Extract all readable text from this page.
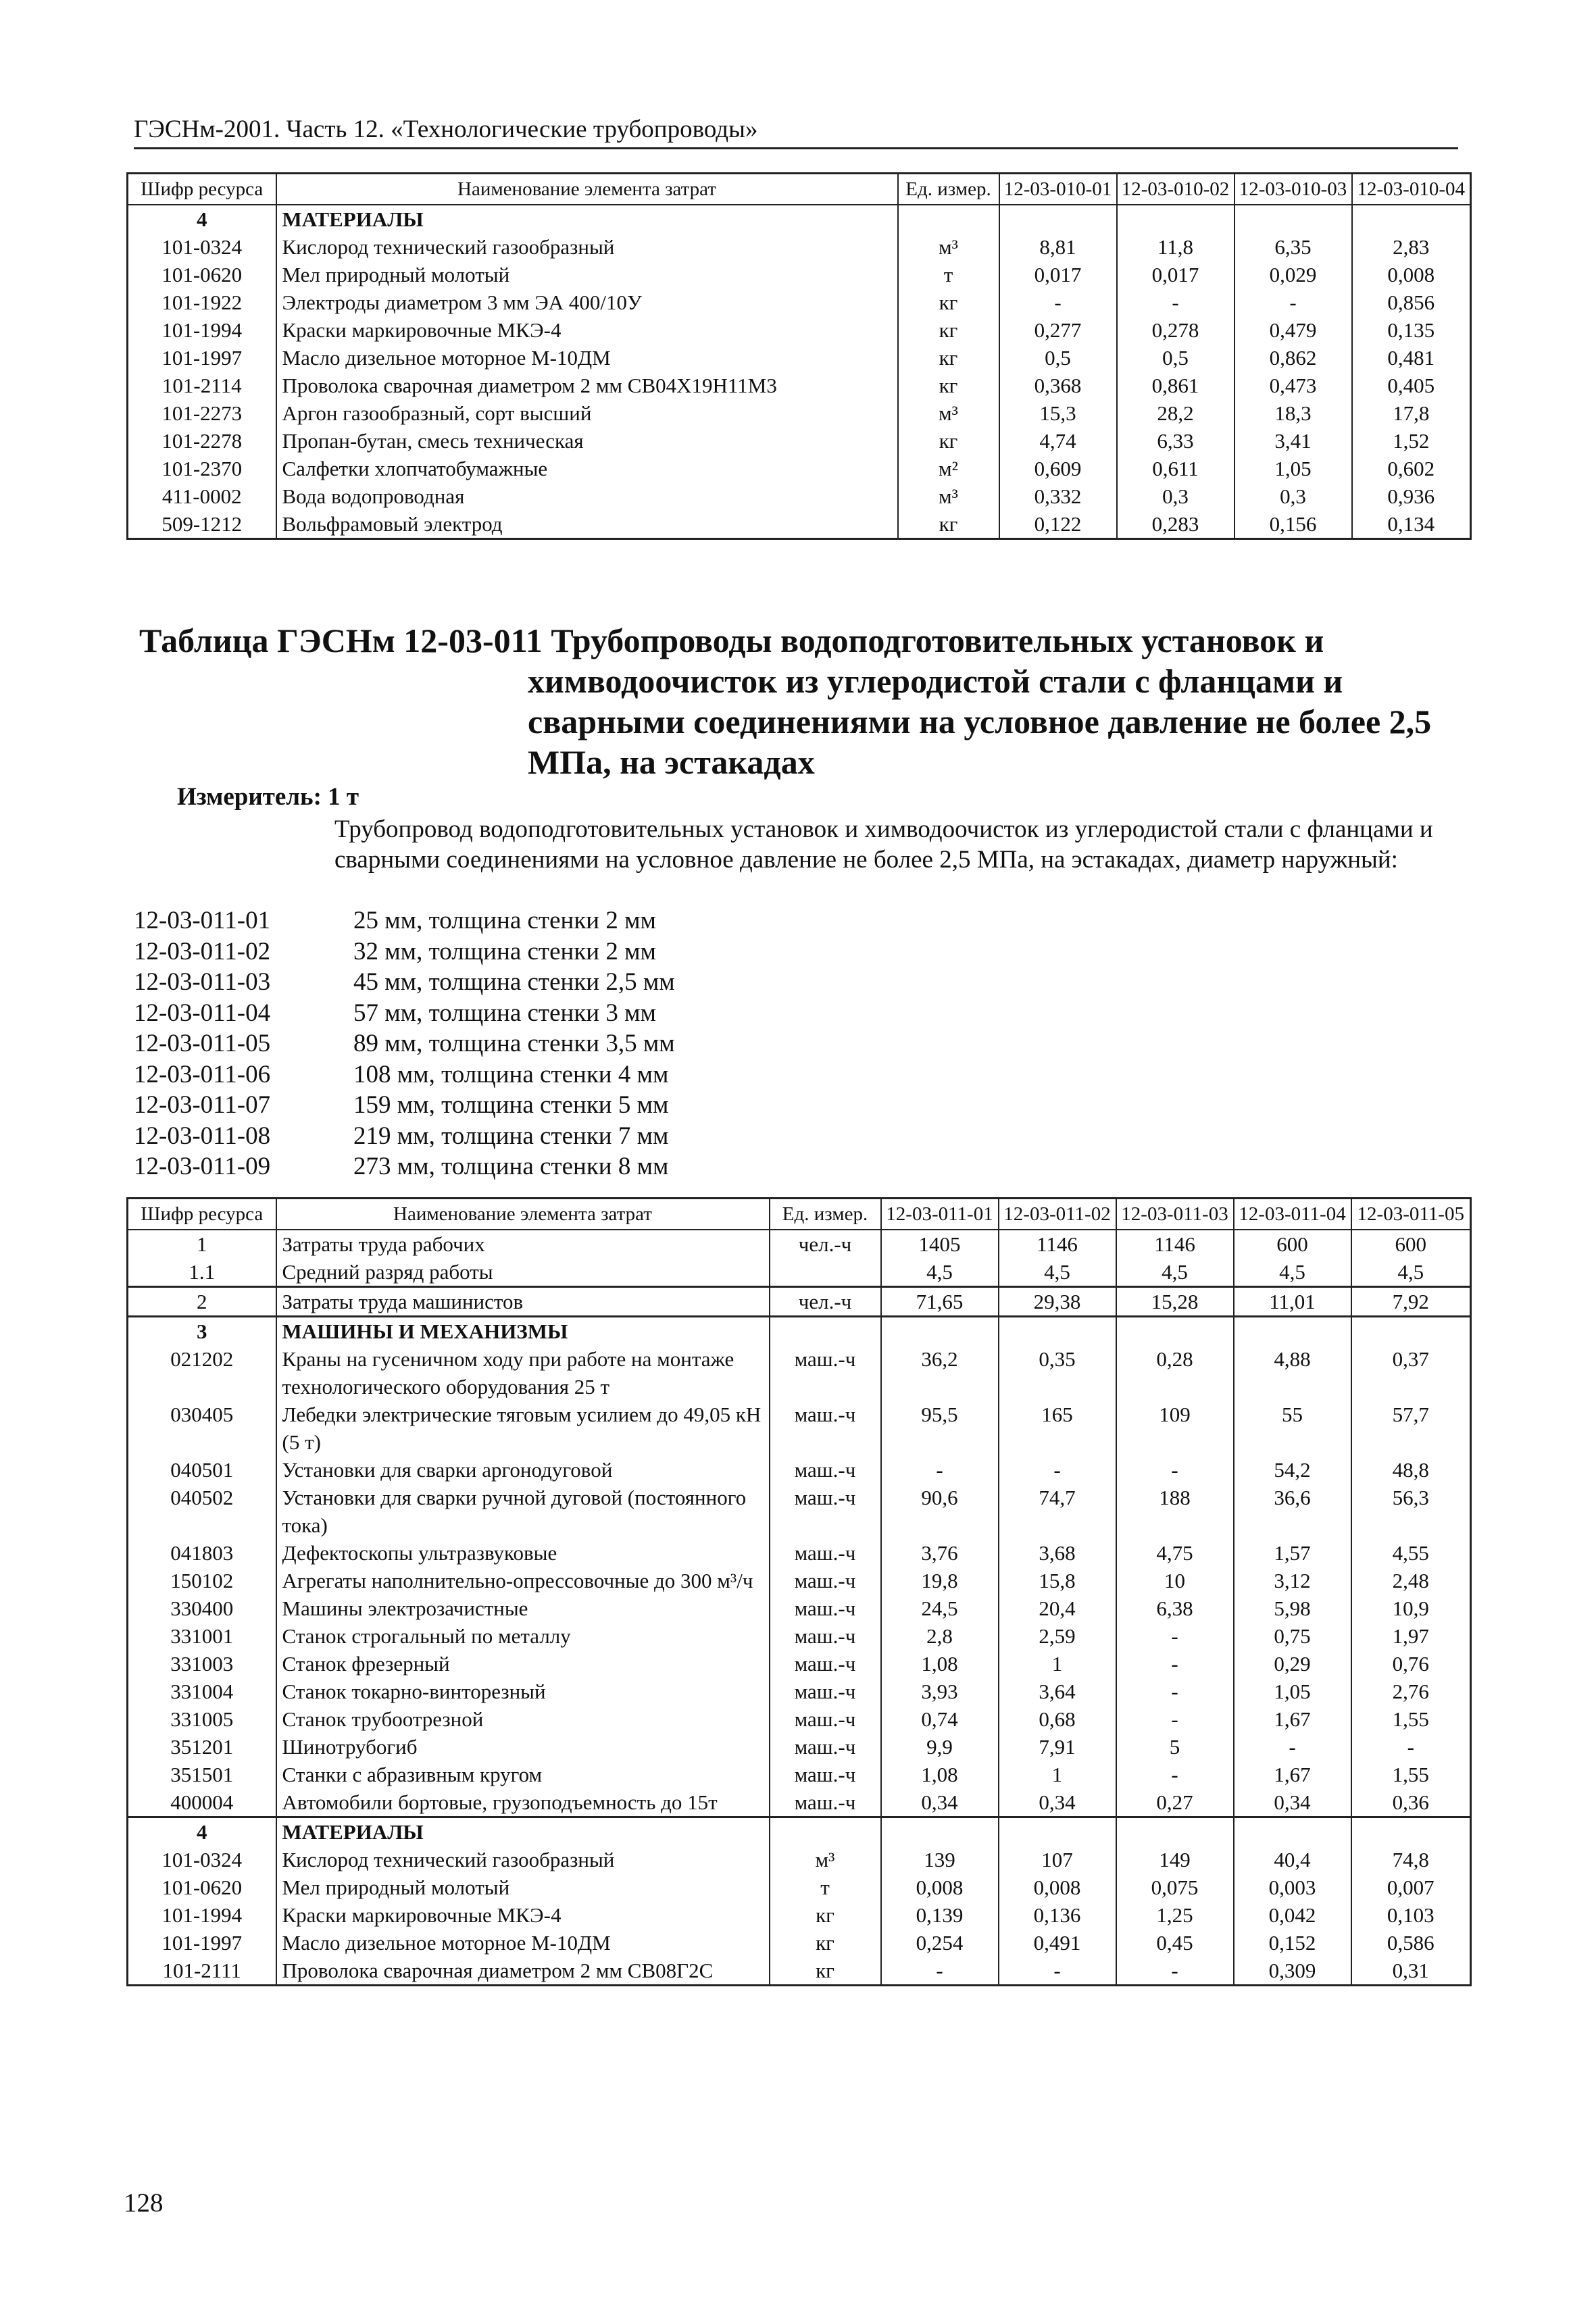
ГЭСНм-2001. Часть 12. «Технологические трубопроводы»
Шифр ресурса	Наименование элемента затрат	Ед. измер.	12-03-010-01	12-03-010-02	12-03-010-03	12-03-010-04
4	МАТЕРИАЛЫ					
101-0324	Кислород технический газообразный	м³	8,81	11,8	6,35	2,83
101-0620	Мел природный молотый	т	0,017	0,017	0,029	0,008
101-1922	Электроды диаметром 3 мм ЭА 400/10У	кг	-	-	-	0,856
101-1994	Краски маркировочные МКЭ-4	кг	0,277	0,278	0,479	0,135
101-1997	Масло дизельное моторное М-10ДМ	кг	0,5	0,5	0,862	0,481
101-2114	Проволока сварочная диаметром 2 мм СВ04Х19Н11М3	кг	0,368	0,861	0,473	0,405
101-2273	Аргон газообразный, сорт высший	м³	15,3	28,2	18,3	17,8
101-2278	Пропан-бутан, смесь техническая	кг	4,74	6,33	3,41	1,52
101-2370	Салфетки хлопчатобумажные	м²	0,609	0,611	1,05	0,602
411-0002	Вода водопроводная	м³	0,332	0,3	0,3	0,936
509-1212	Вольфрамовый электрод	кг	0,122	0,283	0,156	0,134
Таблица ГЭСНм 12-03-011 Трубопроводы водоподготовительных установок и
химводоочисток из углеродистой стали с фланцами и
сварными соединениями на условное давление не более 2,5
МПа, на эстакадах
Измеритель: 1 т
Трубопровод водоподготовительных установок и химводоочисток из углеродистой стали с фланцами и сварными соединениями на условное давление не более 2,5 МПа, на эстакадах, диаметр наружный:
12-03-011-01	25 мм, толщина стенки 2 мм
12-03-011-02	32 мм, толщина стенки 2 мм
12-03-011-03	45 мм, толщина стенки 2,5 мм
12-03-011-04	57 мм, толщина стенки 3 мм
12-03-011-05	89 мм, толщина стенки 3,5 мм
12-03-011-06	108 мм, толщина стенки 4 мм
12-03-011-07	159 мм, толщина стенки 5 мм
12-03-011-08	219 мм, толщина стенки 7 мм
12-03-011-09	273 мм, толщина стенки 8 мм
Шифр ресурса	Наименование элемента затрат	Ед. измер.	12-03-011-01	12-03-011-02	12-03-011-03	12-03-011-04	12-03-011-05
1	Затраты труда рабочих	чел.-ч	1405	1146	1146	600	600
1.1	Средний разряд работы		4,5	4,5	4,5	4,5	4,5
2	Затраты труда машинистов	чел.-ч	71,65	29,38	15,28	11,01	7,92
3	МАШИНЫ И МЕХАНИЗМЫ						
021202	Краны на гусеничном ходу при работе на монтаже технологического оборудования 25 т	маш.-ч	36,2	0,35	0,28	4,88	0,37
030405	Лебедки электрические тяговым усилием до 49,05 кН (5 т)	маш.-ч	95,5	165	109	55	57,7
040501	Установки для сварки аргонодуговой	маш.-ч	-	-	-	54,2	48,8
040502	Установки для сварки ручной дуговой (постоянного тока)	маш.-ч	90,6	74,7	188	36,6	56,3
041803	Дефектоскопы ультразвуковые	маш.-ч	3,76	3,68	4,75	1,57	4,55
150102	Агрегаты наполнительно-опрессовочные до 300 м³/ч	маш.-ч	19,8	15,8	10	3,12	2,48
330400	Машины электрозачистные	маш.-ч	24,5	20,4	6,38	5,98	10,9
331001	Станок строгальный по металлу	маш.-ч	2,8	2,59	-	0,75	1,97
331003	Станок фрезерный	маш.-ч	1,08	1	-	0,29	0,76
331004	Станок токарно-винторезный	маш.-ч	3,93	3,64	-	1,05	2,76
331005	Станок трубоотрезной	маш.-ч	0,74	0,68	-	1,67	1,55
351201	Шинотрубогиб	маш.-ч	9,9	7,91	5	-	-
351501	Станки с абразивным кругом	маш.-ч	1,08	1	-	1,67	1,55
400004	Автомобили бортовые, грузоподъемность до 15т	маш.-ч	0,34	0,34	0,27	0,34	0,36
4	МАТЕРИАЛЫ						
101-0324	Кислород технический газообразный	м³	139	107	149	40,4	74,8
101-0620	Мел природный молотый	т	0,008	0,008	0,075	0,003	0,007
101-1994	Краски маркировочные МКЭ-4	кг	0,139	0,136	1,25	0,042	0,103
101-1997	Масло дизельное моторное М-10ДМ	кг	0,254	0,491	0,45	0,152	0,586
101-2111	Проволока сварочная диаметром 2 мм СВ08Г2С	кг	-	-	-	0,309	0,31
128
